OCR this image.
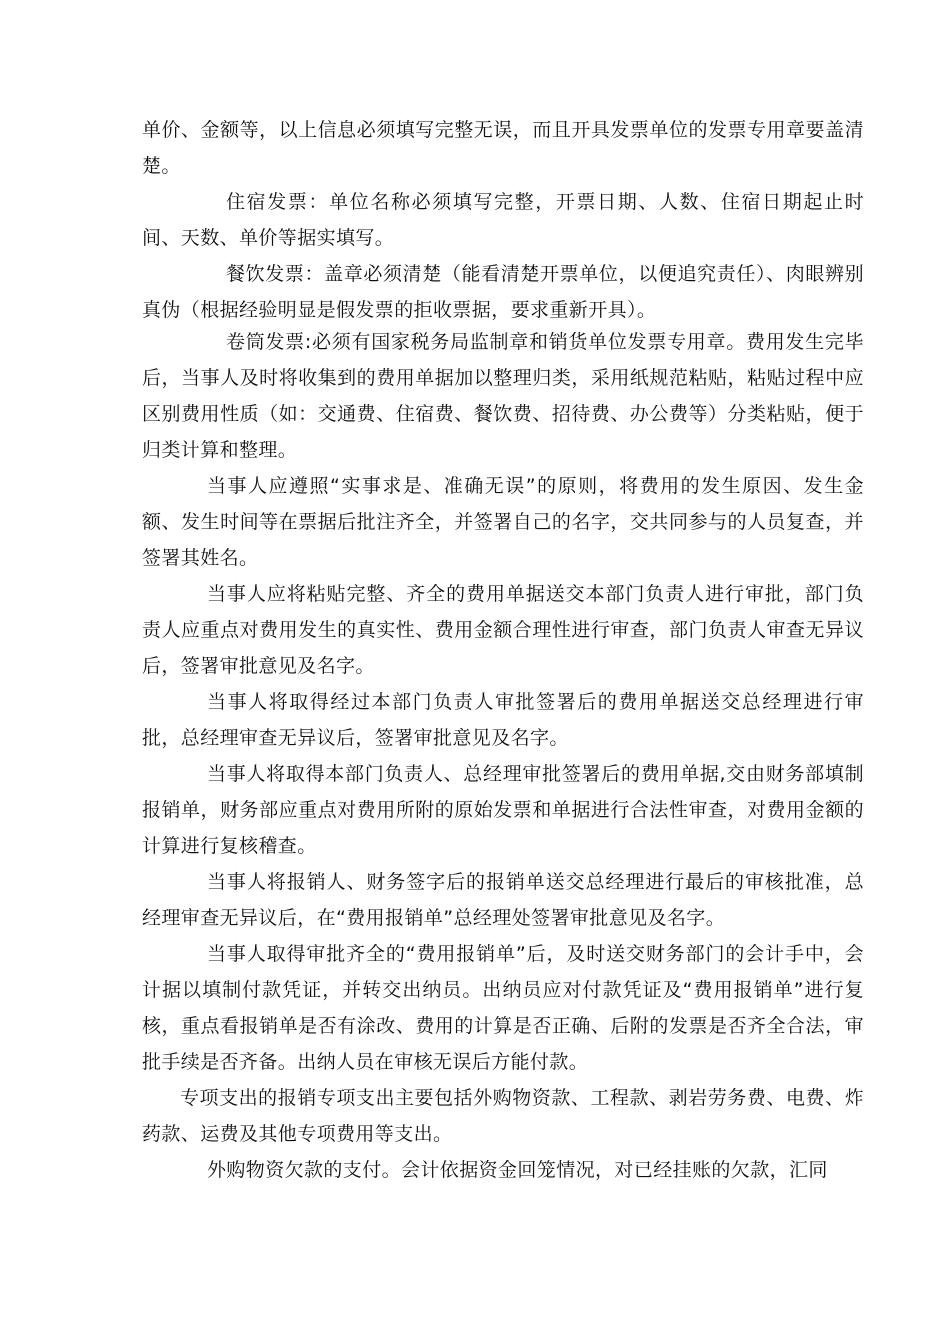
单价、金额等，以上信息必须填写完整无误，而且开具发票单位的发票专用章要盖清楚。

住宿发票：单位名称必须填写完整，开票日期、人数、住宿日期起止时间、天数、单价等据实填写。

餐饮发票：盖章必须清楚（能看清楚开票单位，以便追究责任）、肉眼辨别真伪（根据经验明显是假发票的拒收票据，要求重新开具）。

卷筒发票:必须有国家税务局监制章和销货单位发票专用章。费用发生完毕后，当事人及时将收集到的费用单据加以整理归类，采用纸规范粘贴，粘贴过程中应区别费用性质（如：交通费、住宿费、餐饮费、招待费、办公费等）分类粘贴，便于归类计算和整理。

当事人应遵照“实事求是、准确无误”的原则，将费用的发生原因、发生金额、发生时间等在票据后批注齐全，并签署自己的名字，交共同参与的人员复查，并签署其姓名。

当事人应将粘贴完整、齐全的费用单据送交本部门负责人进行审批，部门负责人应重点对费用发生的真实性、费用金额合理性进行审查，部门负责人审查无异议后，签署审批意见及名字。

当事人将取得经过本部门负责人审批签署后的费用单据送交总经理进行审批，总经理审查无异议后，签署审批意见及名字。

当事人将取得本部门负责人、总经理审批签署后的费用单据,交由财务部填制报销单，财务部应重点对费用所附的原始发票和单据进行合法性审查，对费用金额的计算进行复核稽查。

当事人将报销人、财务签字后的报销单送交总经理进行最后的审核批准，总经理审查无异议后，在“费用报销单”总经理处签署审批意见及名字。

当事人取得审批齐全的“费用报销单”后，及时送交财务部门的会计手中，会计据以填制付款凭证，并转交出纳员。出纳员应对付款凭证及“费用报销单”进行复核，重点看报销单是否有涂改、费用的计算是否正确、后附的发票是否齐全合法，审批手续是否齐备。出纳人员在审核无误后方能付款。

专项支出的报销专项支出主要包括外购物资款、工程款、剥岩劳务费、电费、炸药款、运费及其他专项费用等支出。

外购物资欠款的支付。会计依据资金回笼情况，对已经挂账的欠款，汇同
